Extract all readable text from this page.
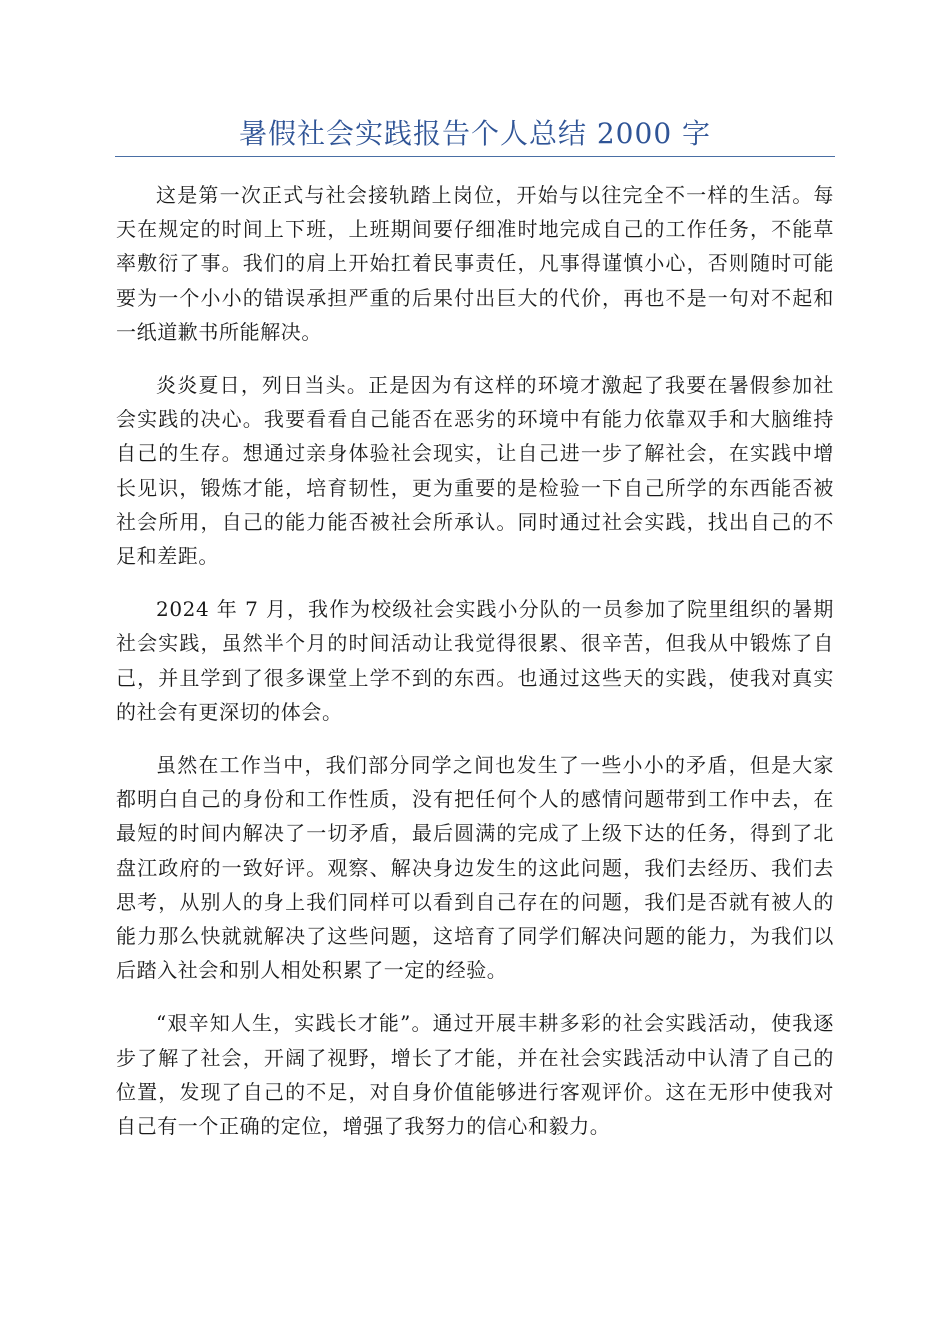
暑假社会实践报告个人总结 2000 字

这是第一次正式与社会接轨踏上岗位，开始与以往完全不一样的生活。每天在规定的时间上下班，上班期间要仔细准时地完成自己的工作任务，不能草率敷衍了事。我们的肩上开始扛着民事责任，凡事得谨慎小心，否则随时可能要为一个小小的错误承担严重的后果付出巨大的代价，再也不是一句对不起和一纸道歉书所能解决。

炎炎夏日，列日当头。正是因为有这样的环境才激起了我要在暑假参加社会实践的决心。我要看看自己能否在恶劣的环境中有能力依靠双手和大脑维持自己的生存。想通过亲身体验社会现实，让自己进一步了解社会，在实践中增长见识，锻炼才能，培育韧性，更为重要的是检验一下自己所学的东西能否被社会所用，自己的能力能否被社会所承认。同时通过社会实践，找出自己的不足和差距。

2024 年 7 月，我作为校级社会实践小分队的一员参加了院里组织的暑期社会实践，虽然半个月的时间活动让我觉得很累、很辛苦，但我从中锻炼了自己，并且学到了很多课堂上学不到的东西。也通过这些天的实践，使我对真实的社会有更深切的体会。

虽然在工作当中，我们部分同学之间也发生了一些小小的矛盾，但是大家都明白自己的身份和工作性质，没有把任何个人的感情问题带到工作中去，在最短的时间内解决了一切矛盾，最后圆满的完成了上级下达的任务，得到了北盘江政府的一致好评。观察、解决身边发生的这此问题，我们去经历、我们去思考，从别人的身上我们同样可以看到自己存在的问题，我们是否就有被人的能力那么快就就解决了这些问题，这培育了同学们解决问题的能力，为我们以后踏入社会和别人相处积累了一定的经验。

“艰辛知人生，实践长才能”。通过开展丰耕多彩的社会实践活动，使我逐步了解了社会，开阔了视野，增长了才能，并在社会实践活动中认清了自己的位置，发现了自己的不足，对自身价值能够进行客观评价。这在无形中使我对自己有一个正确的定位，增强了我努力的信心和毅力。
